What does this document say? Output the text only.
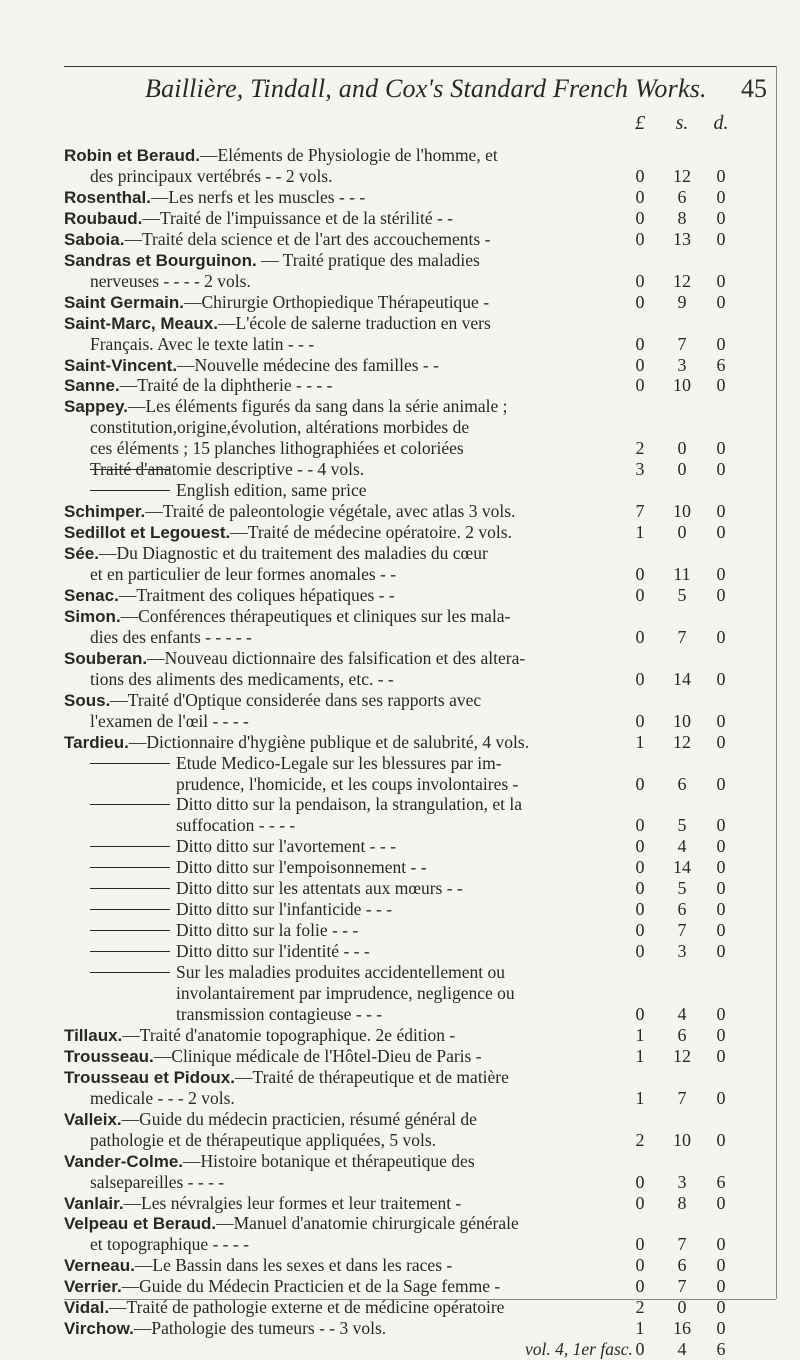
Baillière, Tindall, and Cox's Standard French Works. 45
£	s.	d.
Robin et Beraud.—Eléments de Physiologie de l'homme, et
des principaux vertébrés - - 2 vols.	0	12	0
Rosenthal.—Les nerfs et les muscles - - -	0	6	0
Roubaud.—Traité de l'impuissance et de la stérilité - -	0	8	0
Saboia.—Traité dela science et de l'art des accouchements -	0	13	0
Sandras et Bourguinon. — Traité pratique des maladies
nerveuses - - - - 2 vols.	0	12	0
Saint Germain.—Chirurgie Orthopiedique Thérapeutique -	0	9	0
Saint-Marc, Meaux.—L'école de salerne traduction en vers
Français. Avec le texte latin - - -	0	7	0
Saint-Vincent.—Nouvelle médecine des familles - -	0	3	6
Sanne.—Traité de la diphtherie - - - -	0	10	0
Sappey.—Les éléments figurés da sang dans la série animale ;
constitution,origine,évolution, altérations morbides de
ces éléments ; 15 planches lithographiées et coloriées	2	0	0
Traité d'anatomie descriptive - - 4 vols.	3	0	0
English edition, same price
Schimper.—Traité de paleontologie végétale, avec atlas 3 vols.	7	10	0
Sedillot et Legouest.—Traité de médecine opératoire. 2 vols.	1	0	0
Sée.—Du Diagnostic et du traitement des maladies du cœur
et en particulier de leur formes anomales - -	0	11	0
Senac.—Traitment des coliques hépatiques - -	0	5	0
Simon.—Conférences thérapeutiques et cliniques sur les mala-
dies des enfants - - - - -	0	7	0
Souberan.—Nouveau dictionnaire des falsification et des altera-
tions des aliments des medicaments, etc. - -	0	14	0
Sous.—Traité d'Optique considerée dans ses rapports avec
l'examen de l'œil - - - -	0	10	0
Tardieu.—Dictionnaire d'hygiène publique et de salubrité, 4 vols.	1	12	0
Etude Medico-Legale sur les blessures par im-
prudence, l'homicide, et les coups involontaires -	0	6	0
Ditto ditto sur la pendaison, la strangulation, et la
suffocation - - - -	0	5	0
Ditto ditto sur l'avortement - - -	0	4	0
Ditto ditto sur l'empoisonnement - -	0	14	0
Ditto ditto sur les attentats aux mœurs - -	0	5	0
Ditto ditto sur l'infanticide - - -	0	6	0
Ditto ditto sur la folie - - -	0	7	0
Ditto ditto sur l'identité - - -	0	3	0
Sur les maladies produites accidentellement ou
involantairement par imprudence, negligence ou
transmission contagieuse - - -	0	4	0
Tillaux.—Traité d'anatomie topographique. 2e édition -	1	6	0
Trousseau.—Clinique médicale de l'Hôtel-Dieu de Paris -	1	12	0
Trousseau et Pidoux.—Traité de thérapeutique et de matière
medicale - - - 2 vols.	1	7	0
Valleix.—Guide du médecin practicien, résumé général de
pathologie et de thérapeutique appliquées, 5 vols.	2	10	0
Vander-Colme.—Histoire botanique et thérapeutique des
salsepareilles - - - -	0	3	6
Vanlair.—Les névralgies leur formes et leur traitement -	0	8	0
Velpeau et Beraud.—Manuel d'anatomie chirurgicale générale
et topographique - - - -	0	7	0
Verneau.—Le Bassin dans les sexes et dans les races -	0	6	0
Verrier.—Guide du Médecin Practicien et de la Sage femme -	0	7	0
Vidal.—Traité de pathologie externe et de médicine opératoire	2	0	0
Virchow.—Pathologie des tumeurs - - 3 vols.	1	16	0
vol. 4, 1er fasc. 0	4	6
